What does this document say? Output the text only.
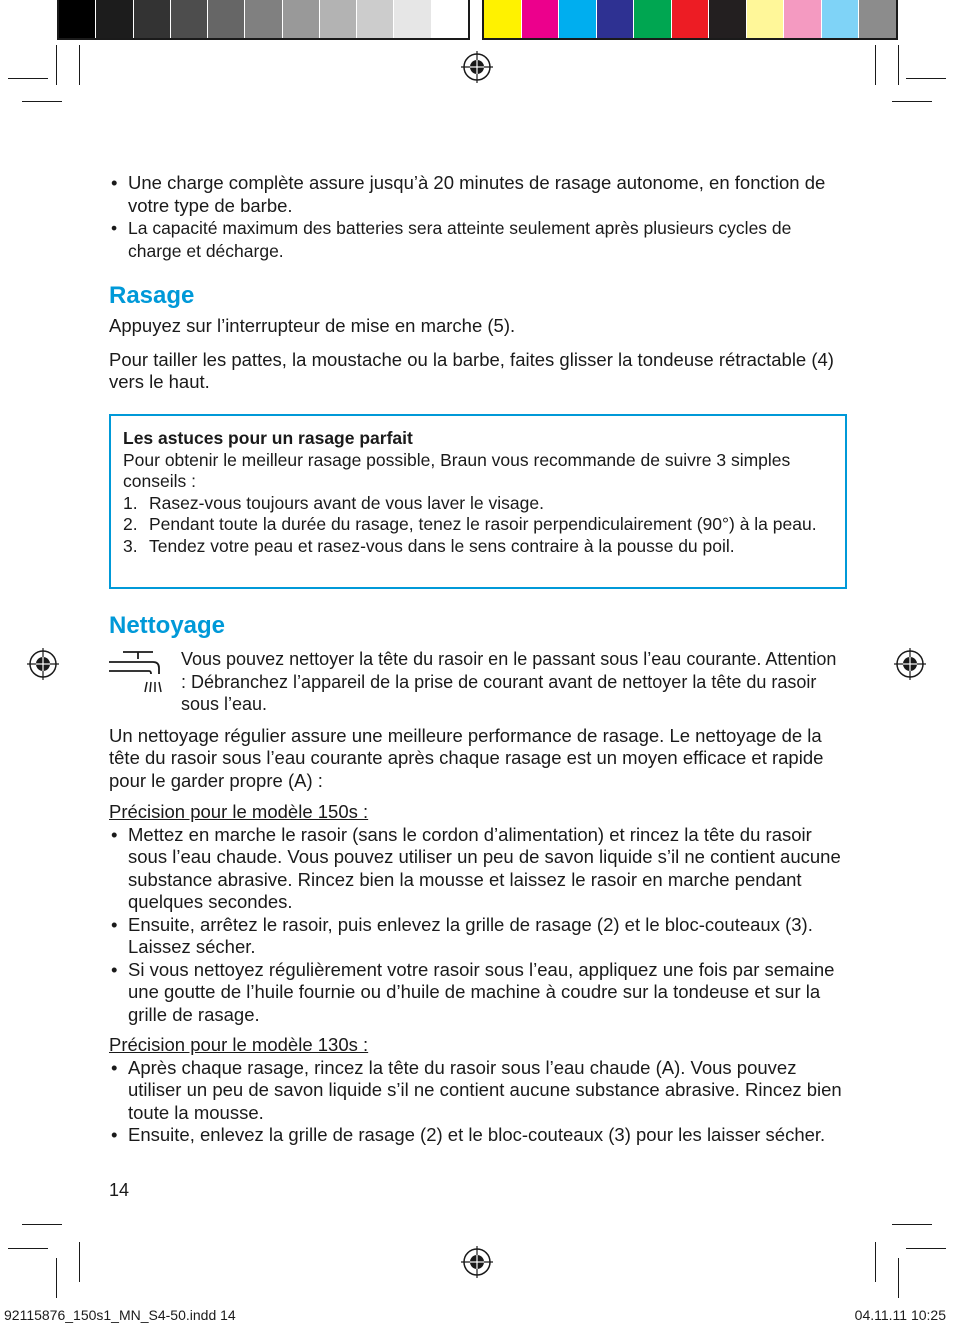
• Une charge complète assure jusqu’à 20 minutes de rasage autonome, en fonction de votre type de barbe.
• La capacité maximum des batteries sera atteinte seulement après plusieurs cycles de charge et décharge.
Rasage

Appuyez sur l’interrupteur de mise en marche (5).

Pour tailler les pattes, la moustache ou la barbe, faites glisser la tondeuse rétractable (4) vers le haut.

Les astuces pour un rasage parfait
Pour obtenir le meilleur rasage possible, Braun vous recommande de suivre 3 simples conseils :
1. Rasez-vous toujours avant de vous laver le visage.
2. Pendant toute la durée du rasage, tenez le rasoir perpendiculairement (90°) à la peau.
3. Tendez votre peau et rasez-vous dans le sens contraire à la pousse du poil.
Nettoyage

Vous pouvez nettoyer la tête du rasoir en le passant sous l’eau courante. Attention : Débranchez l’appareil de la prise de courant avant de nettoyer la tête du rasoir sous l’eau.

Un nettoyage régulier assure une meilleure performance de rasage. Le nettoyage de la tête du rasoir sous l’eau courante après chaque rasage est un moyen efficace et rapide pour le garder propre (A) :

Précision pour le modèle 150s :

• Mettez en marche le rasoir (sans le cordon d’alimentation) et rincez la tête du rasoir sous l’eau chaude. Vous pouvez utiliser un peu de savon liquide s’il ne contient aucune substance abrasive. Rincez bien la mousse et laissez le rasoir en marche pendant quelques secondes.
• Ensuite, arrêtez le rasoir, puis enlevez la grille de rasage (2) et le bloc-couteaux (3). Laissez sécher.
• Si vous nettoyez régulièrement votre rasoir sous l’eau, appliquez une fois par semaine une goutte de l’huile fournie ou d’huile de machine à coudre sur la tondeuse et sur la grille de rasage.

Précision pour le modèle 130s :

• Après chaque rasage, rincez la tête du rasoir sous l’eau chaude (A). Vous pouvez utiliser un peu de savon liquide s’il ne contient aucune substance abrasive. Rincez bien toute la mousse.
• Ensuite, enlevez la grille de rasage (2) et le bloc-couteaux (3) pour les laisser sécher.
14
92115876_150s1_MN_S4-50.indd 14	04.11.11 10:25
